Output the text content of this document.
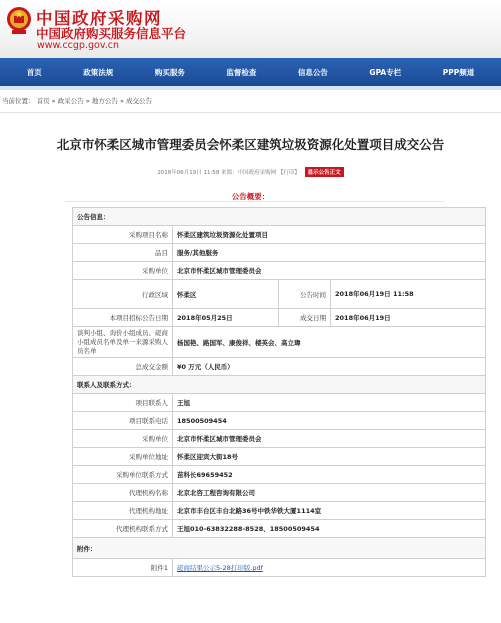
中国政府采购网
中国政府购买服务信息平台
www.ccgp.gov.cn
首页	政策法规	购买服务	监督检查	信息公告	GPA专栏	PPP频道
当前位置： 首页 » 政采公告 » 地方公告 » 成交公告
北京市怀柔区城市管理委员会怀柔区建筑垃圾资源化处置项目成交公告
2018年06月19日 11:58 来源：中国政府采购网 【打印】 显示公告正文
公告概要：
公告信息：			
采购项目名称	怀柔区建筑垃圾资源化处置项目		
品目	服务/其他服务		
采购单位	北京市怀柔区城市管理委员会		
行政区域	怀柔区	公告时间	2018年06月19日 11:58
本项目招标公告日期	2018年05月25日	成交日期	2018年06月19日
谈判小组、询价小组成员、磋商小组成员名单及单一来源采购人员名单	杨国艳、路国军、康俊祥、楼英会、高立瑋		
总成交金额	¥0 万元（人民币）		
联系人及联系方式：			
项目联系人	王旭		
项目联系电话	18500509454		
采购单位	北京市怀柔区城市管理委员会		
采购单位地址	怀柔区迎宾大街18号		
采购单位联系方式	苗科长69659452		
代理机构名称	北京北咨工程咨询有限公司		
代理机构地址	北京市丰台区丰台北路36号中铁华铁大厦1114室		
代理机构联系方式	王旭010-63832288-8528、18500509454		
附件：			
附件1	磋商结果公示5-28打印版.pdf		
